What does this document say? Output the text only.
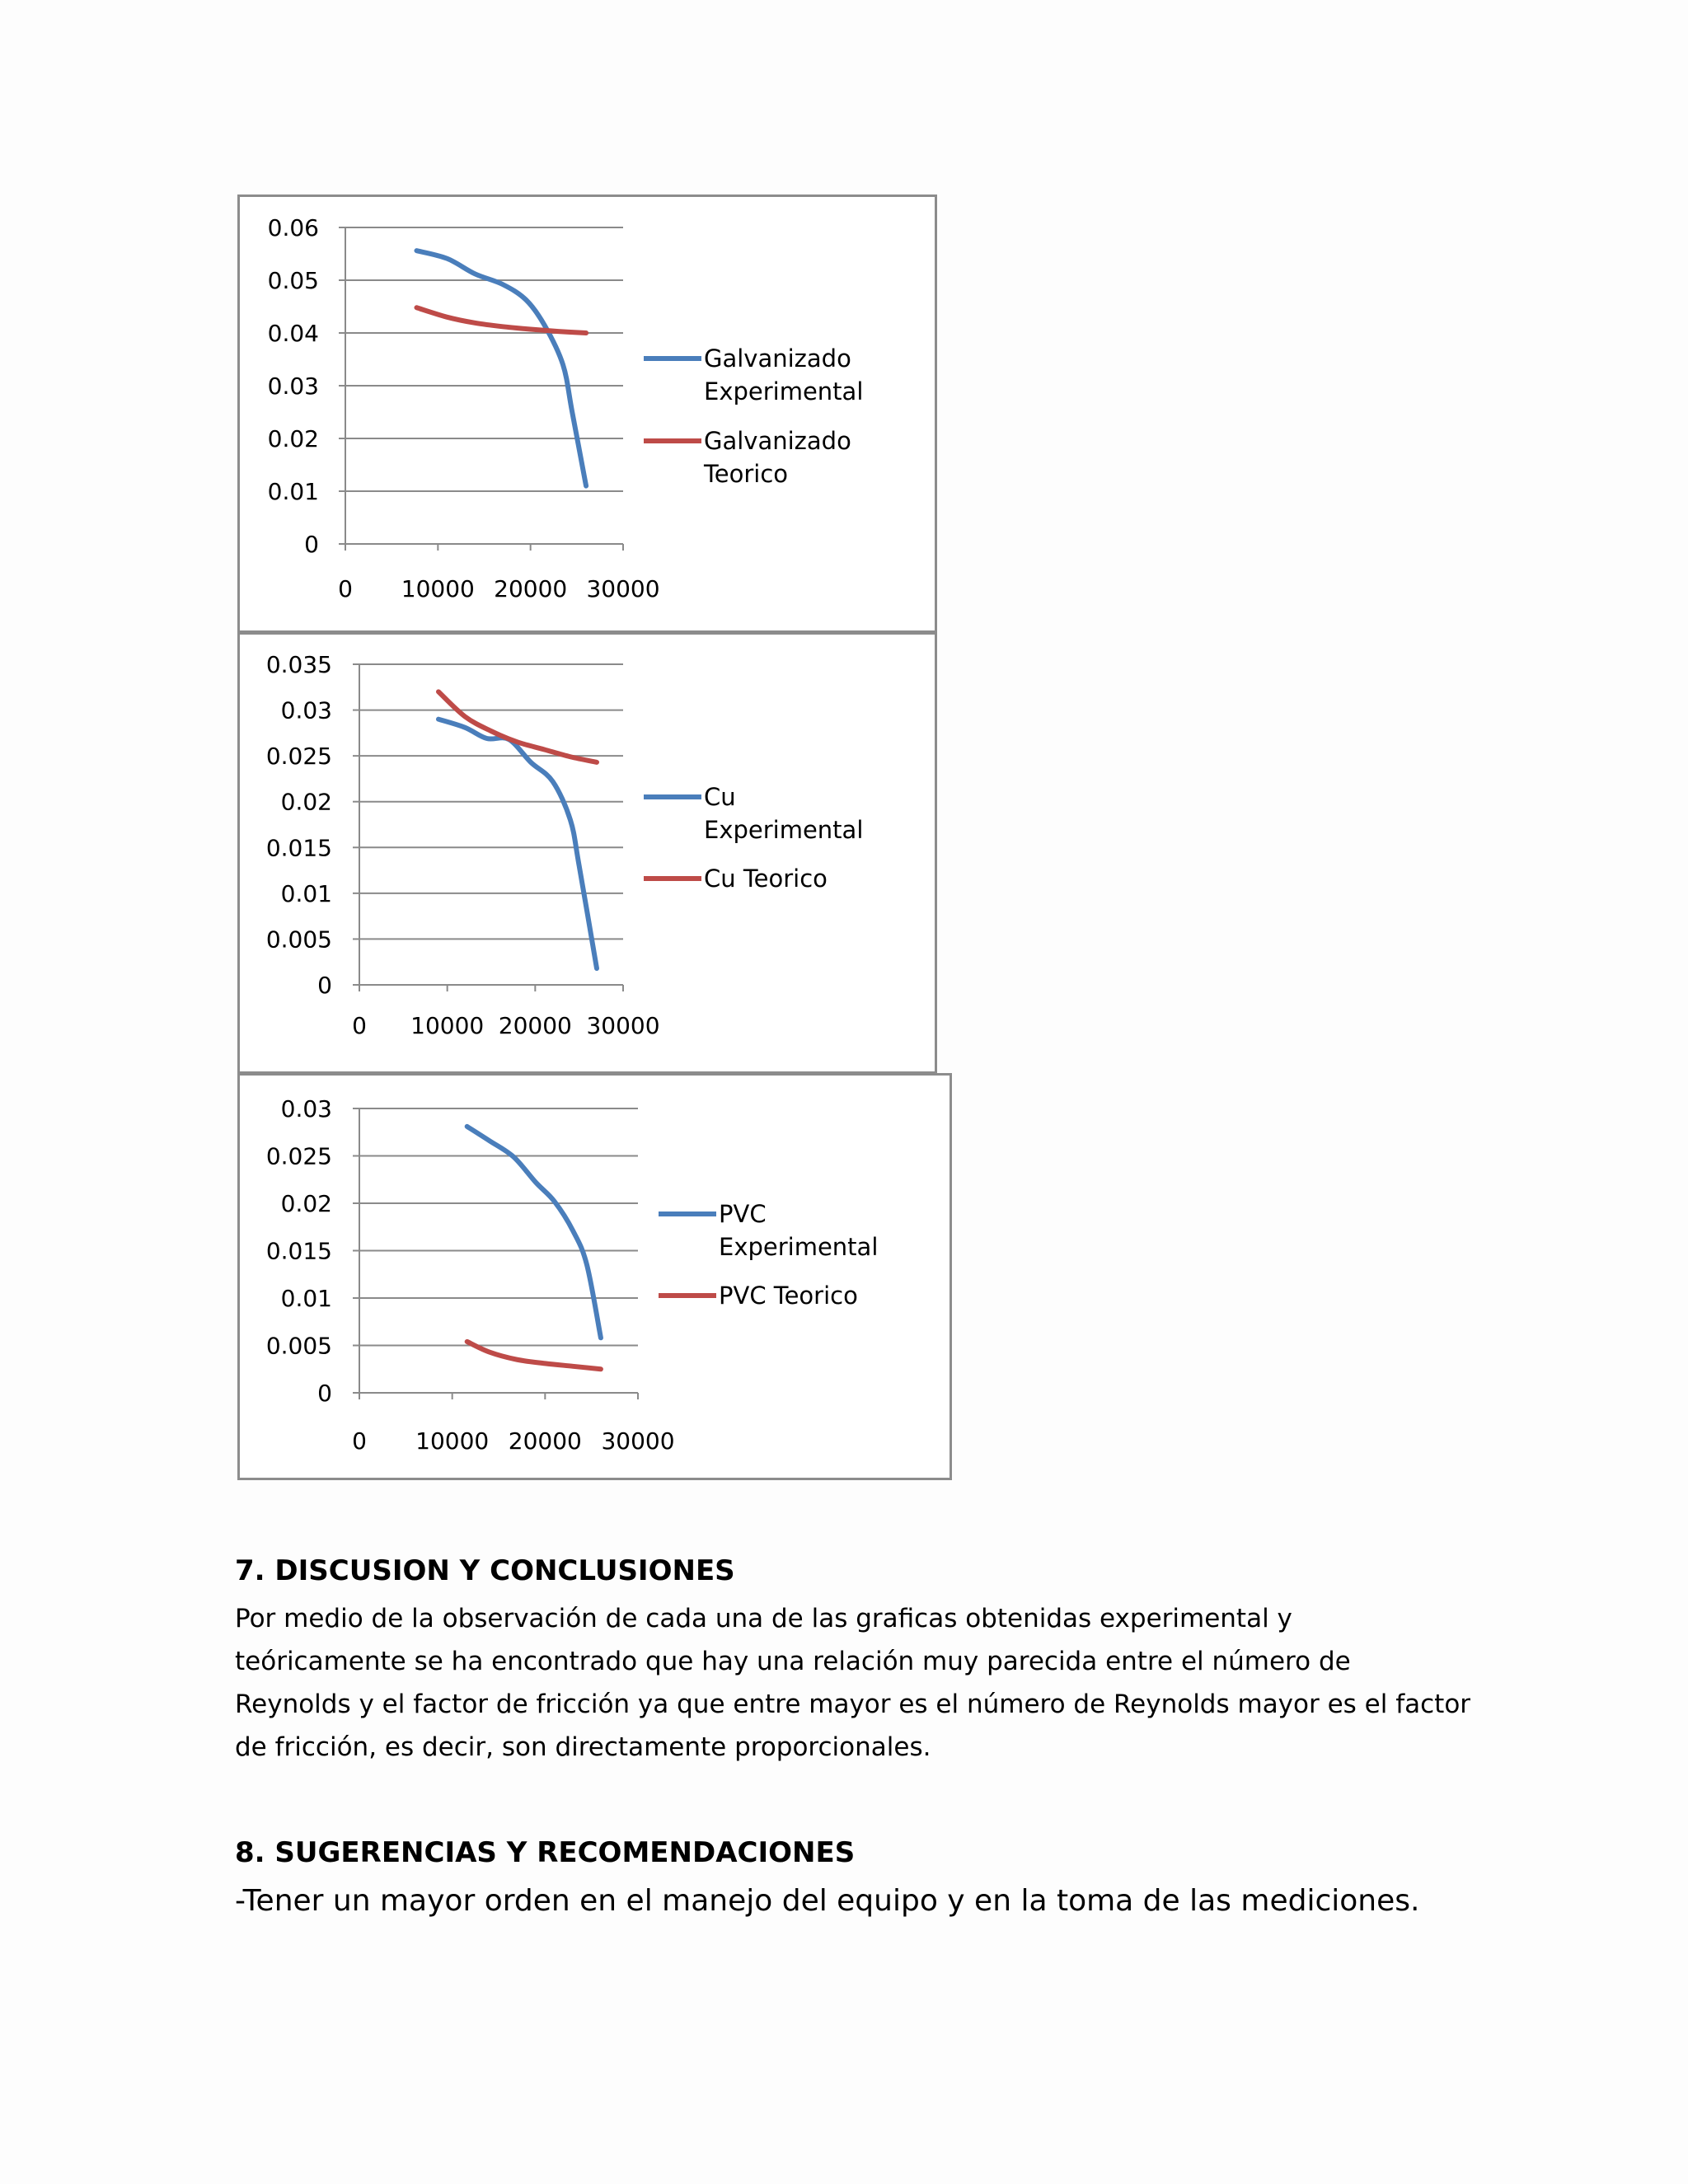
0
0.01
0.02
0.03
0.04
0.05
0.06
0 10000 20000 30000
Galvanizado
Experimental
Galvanizado
Teorico
0
0.005
0.01
0.015
0.02
0.025
0.03
0.035
0 10000 20000 30000
Cu
Experimental
Cu Teorico
0
0.005
0.01
0.015
0.02
0.025
0.03
0 10000 20000 30000
PVC
Experimental
PVC Teorico
7. DISCUSION Y CONCLUSIONES

Por medio de la observación de cada una de las graficas obtenidas experimental y teóricamente se ha encontrado que hay una relación muy parecida entre el número de Reynolds y el factor de fricción ya que entre mayor es el número de Reynolds mayor es el factor de fricción, es decir, son directamente proporcionales.

8. SUGERENCIAS Y RECOMENDACIONES

-Tener un mayor orden en el manejo del equipo y en la toma de las mediciones.
